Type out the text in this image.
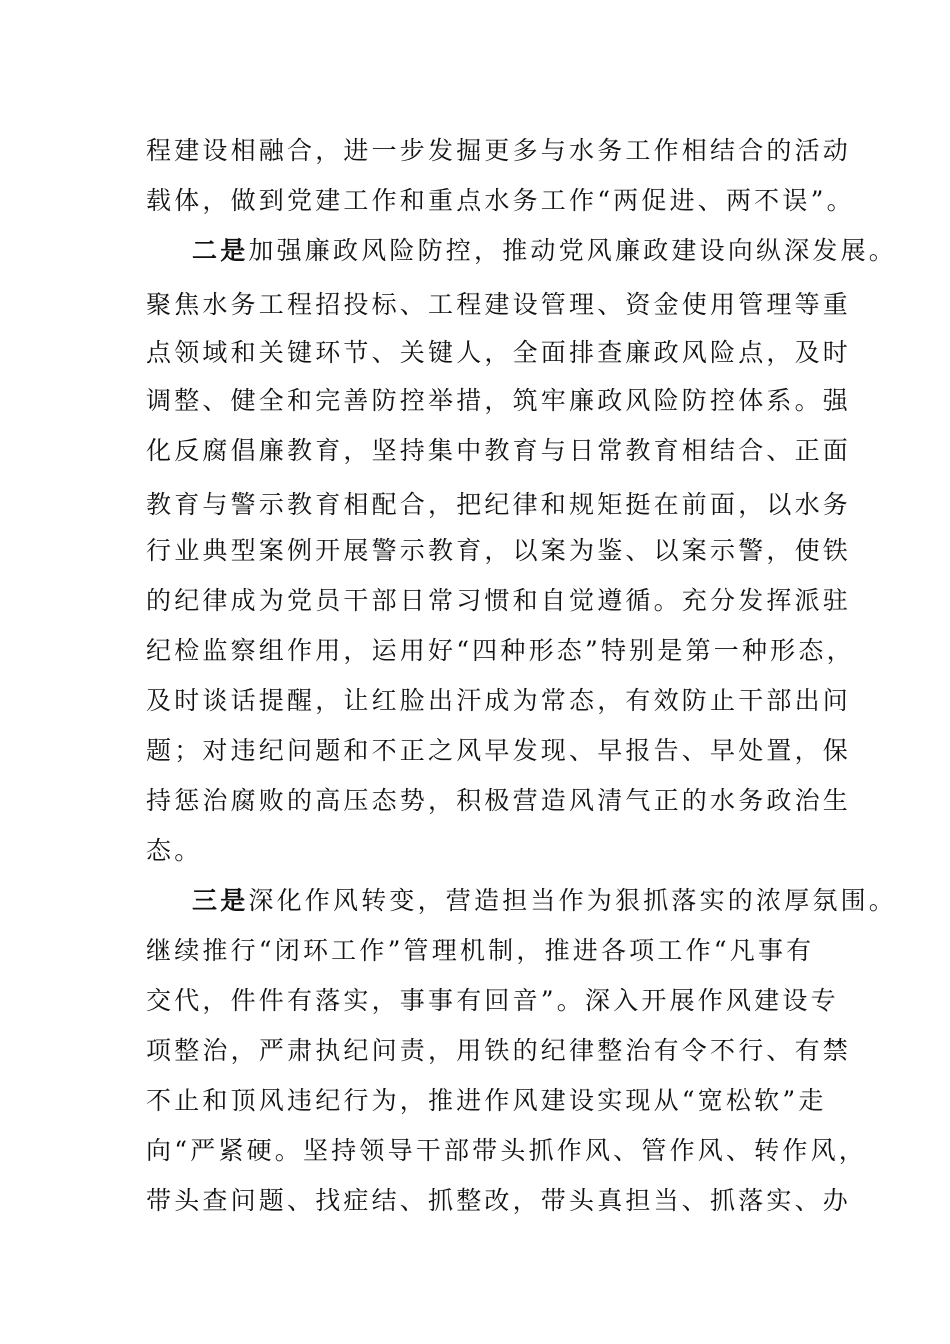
程建设相融合，进一步发掘更多与水务工作相结合的活动
载体，做到党建工作和重点水务工作“两促进、两不误”。
二是加强廉政风险防控，推动党风廉政建设向纵深发展。
聚焦水务工程招投标、工程建设管理、资金使用管理等重
点领域和关键环节、关键人，全面排查廉政风险点，及时
调整、健全和完善防控举措，筑牢廉政风险防控体系。强
化反腐倡廉教育，坚持集中教育与日常教育相结合、正面
教育与警示教育相配合，把纪律和规矩挺在前面，以水务
行业典型案例开展警示教育，以案为鉴、以案示警，使铁
的纪律成为党员干部日常习惯和自觉遵循。充分发挥派驻
纪检监察组作用，运用好“四种形态”特别是第一种形态，
及时谈话提醒，让红脸出汗成为常态，有效防止干部出问
题；对违纪问题和不正之风早发现、早报告、早处置，保
持惩治腐败的高压态势，积极营造风清气正的水务政治生
态。
三是深化作风转变，营造担当作为狠抓落实的浓厚氛围。
继续推行“闭环工作”管理机制，推进各项工作“凡事有
交代，件件有落实，事事有回音”。深入开展作风建设专
项整治，严肃执纪问责，用铁的纪律整治有令不行、有禁
不止和顶风违纪行为，推进作风建设实现从“宽松软”走
向“严紧硬。坚持领导干部带头抓作风、管作风、转作风，
带头查问题、找症结、抓整改，带头真担当、抓落实、办
